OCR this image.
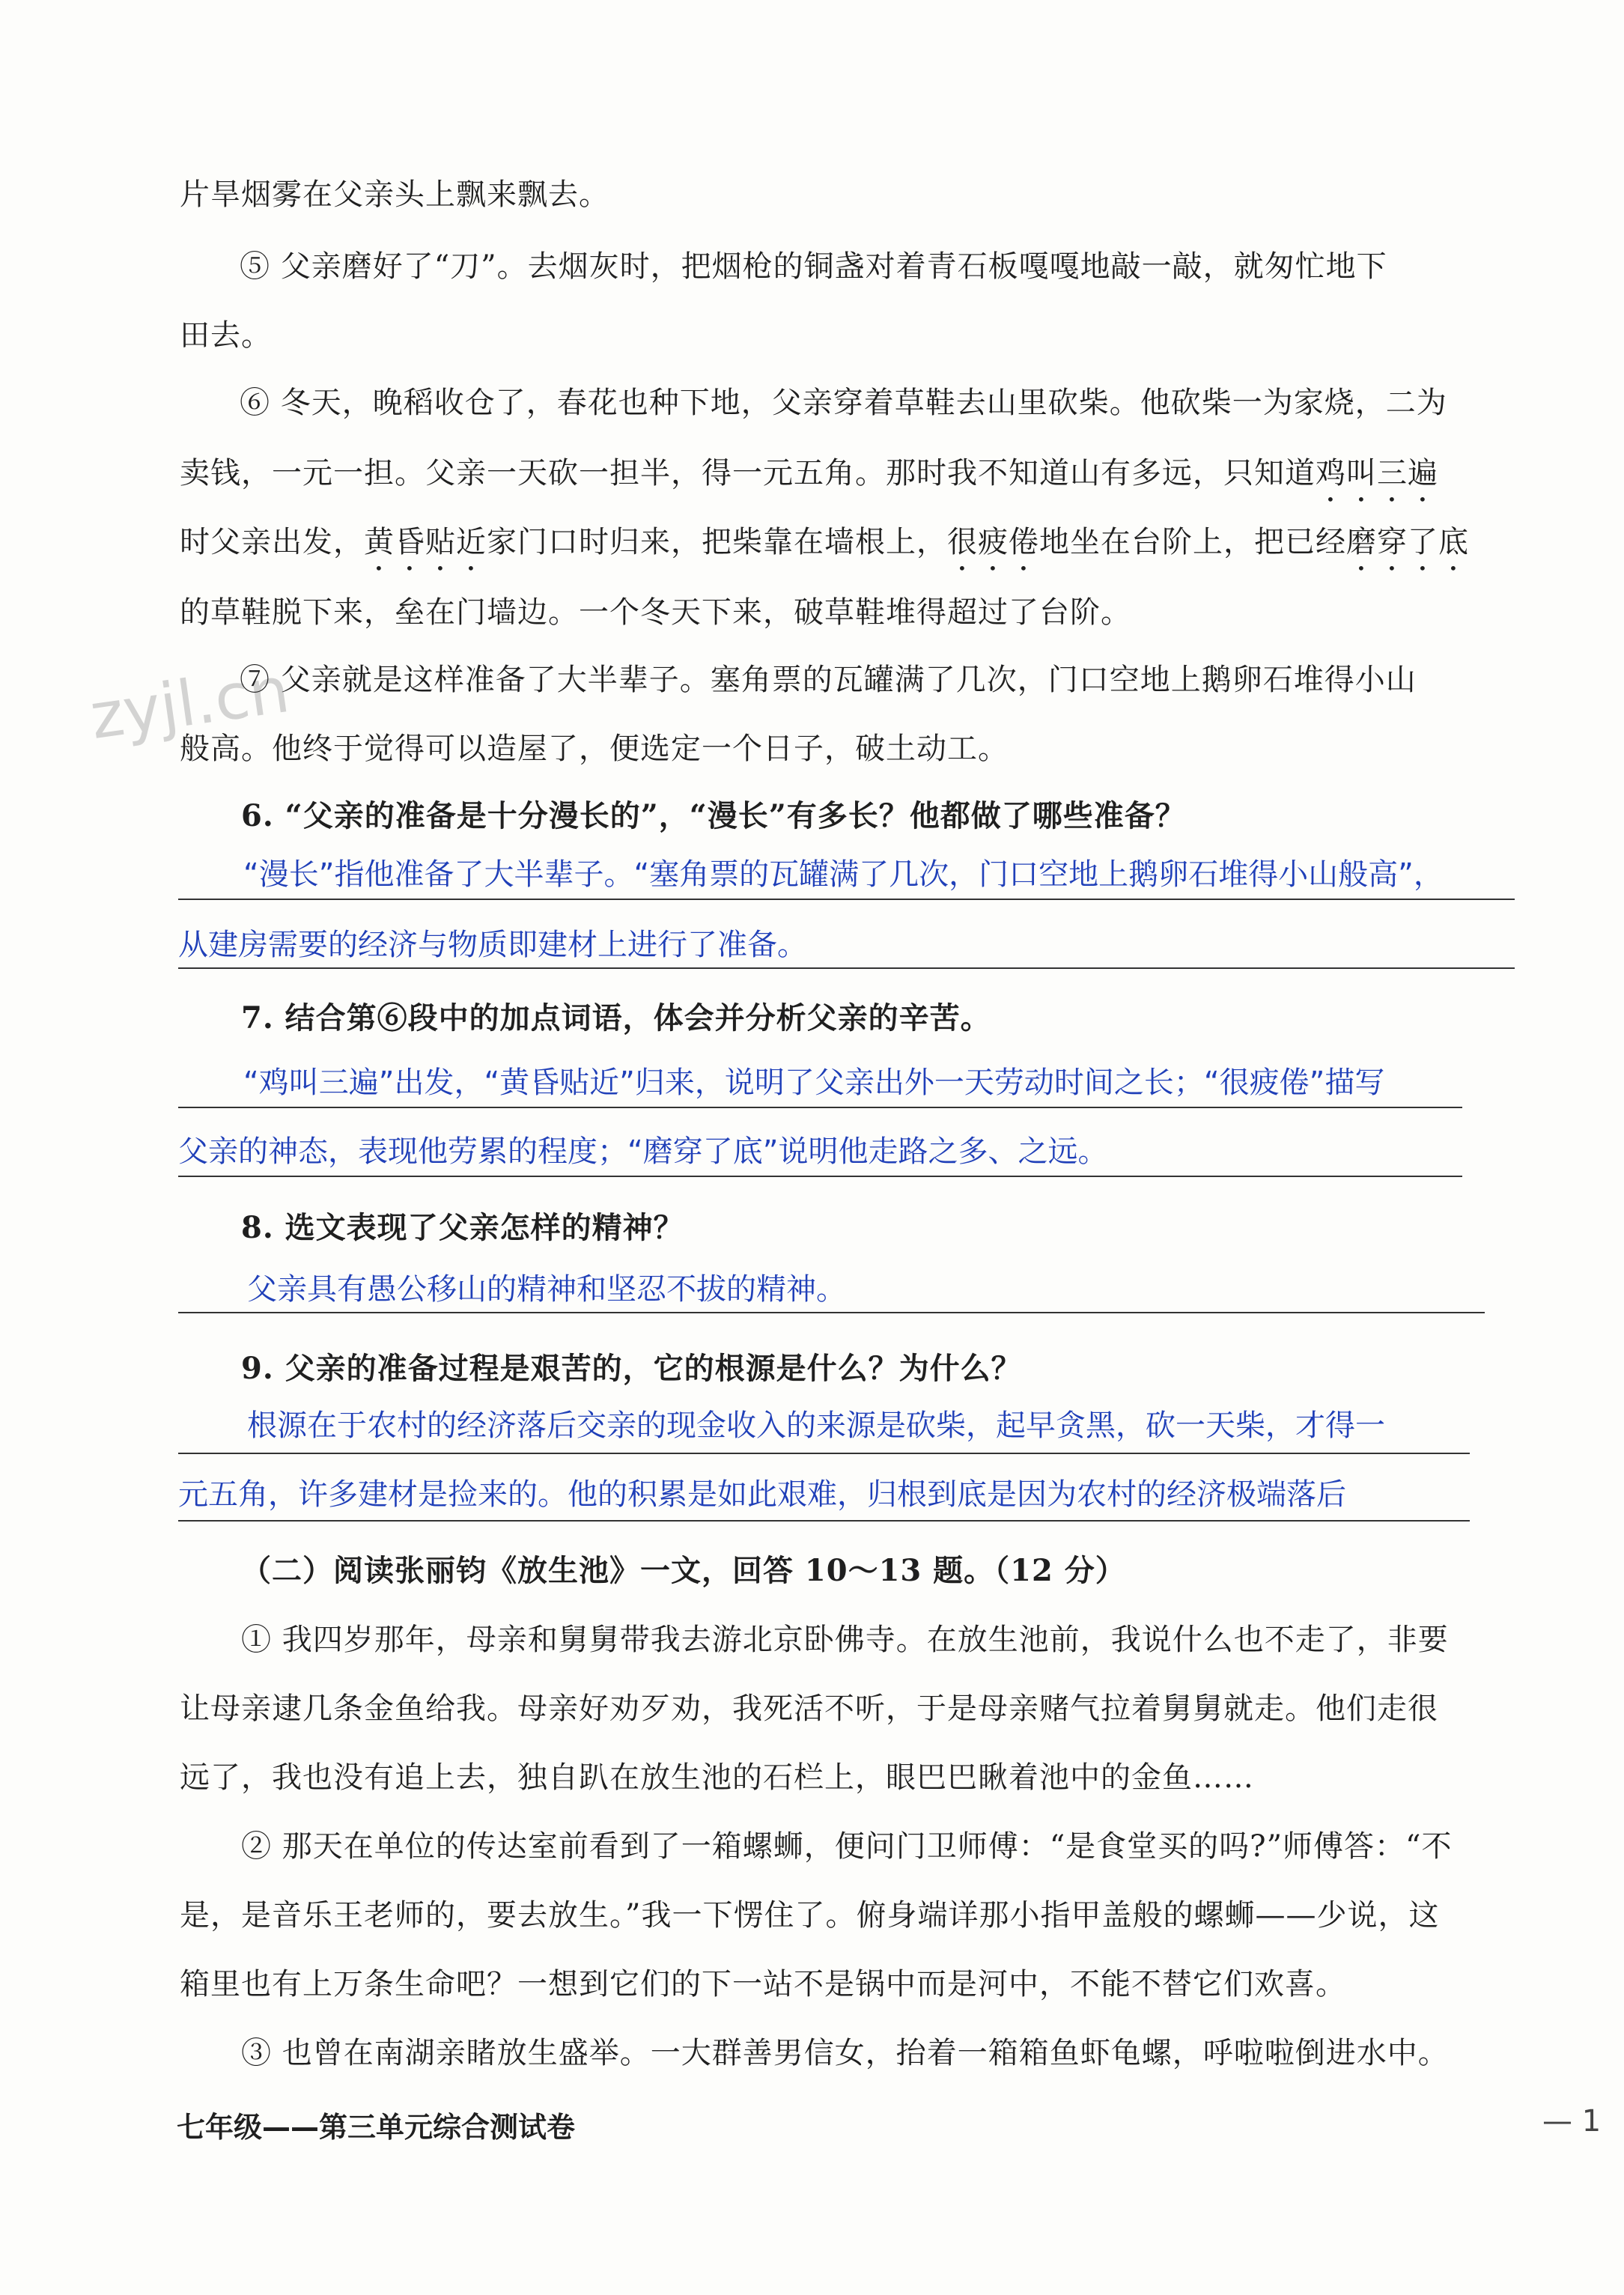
zyjl.cn
片旱烟雾在父亲头上飘来飘去。
⑤ 父亲磨好了“刀”。去烟灰时，把烟枪的铜盏对着青石板嘎嘎地敲一敲，就匆忙地下
田去。
⑥ 冬天，晚稻收仓了，春花也种下地，父亲穿着草鞋去山里砍柴。他砍柴一为家烧，二为
卖钱，一元一担。父亲一天砍一担半，得一元五角。那时我不知道山有多远，只知道鸡叫三遍
时父亲出发，黄昏贴近家门口时归来，把柴靠在墙根上，很疲倦地坐在台阶上，把已经磨穿了底
的草鞋脱下来，垒在门墙边。一个冬天下来，破草鞋堆得超过了台阶。
⑦ 父亲就是这样准备了大半辈子。塞角票的瓦罐满了几次，门口空地上鹅卵石堆得小山
般高。他终于觉得可以造屋了，便选定一个日子，破土动工。
6. “父亲的准备是十分漫长的”，“漫长”有多长？他都做了哪些准备？
“漫长”指他准备了大半辈子。“塞角票的瓦罐满了几次，门口空地上鹅卵石堆得小山般高”，
从建房需要的经济与物质即建材上进行了准备。
7. 结合第⑥段中的加点词语，体会并分析父亲的辛苦。
“鸡叫三遍”出发，“黄昏贴近”归来，说明了父亲出外一天劳动时间之长；“很疲倦”描写
父亲的神态，表现他劳累的程度；“磨穿了底”说明他走路之多、之远。
8. 选文表现了父亲怎样的精神？
父亲具有愚公移山的精神和坚忍不拔的精神。
9. 父亲的准备过程是艰苦的，它的根源是什么？为什么？
根源在于农村的经济落后交亲的现金收入的来源是砍柴，起早贪黑，砍一天柴，才得一
元五角，许多建材是捡来的。他的积累是如此艰难，归根到底是因为农村的经济极端落后
（二）阅读张丽钧《放生池》一文，回答 10～13 题。（12 分）
① 我四岁那年，母亲和舅舅带我去游北京卧佛寺。在放生池前，我说什么也不走了，非要
让母亲逮几条金鱼给我。母亲好劝歹劝，我死活不听，于是母亲赌气拉着舅舅就走。他们走很
远了，我也没有追上去，独自趴在放生池的石栏上，眼巴巴瞅着池中的金鱼……
② 那天在单位的传达室前看到了一箱螺蛳，便问门卫师傅：“是食堂买的吗?”师傅答：“不
是，是音乐王老师的，要去放生。”我一下愣住了。俯身端详那小指甲盖般的螺蛳——少说，这
箱里也有上万条生命吧？一想到它们的下一站不是锅中而是河中，不能不替它们欢喜。
③ 也曾在南湖亲睹放生盛举。一大群善男信女，抬着一箱箱鱼虾龟螺，呼啦啦倒进水中。
七年级——第三单元综合测试卷	— 1
